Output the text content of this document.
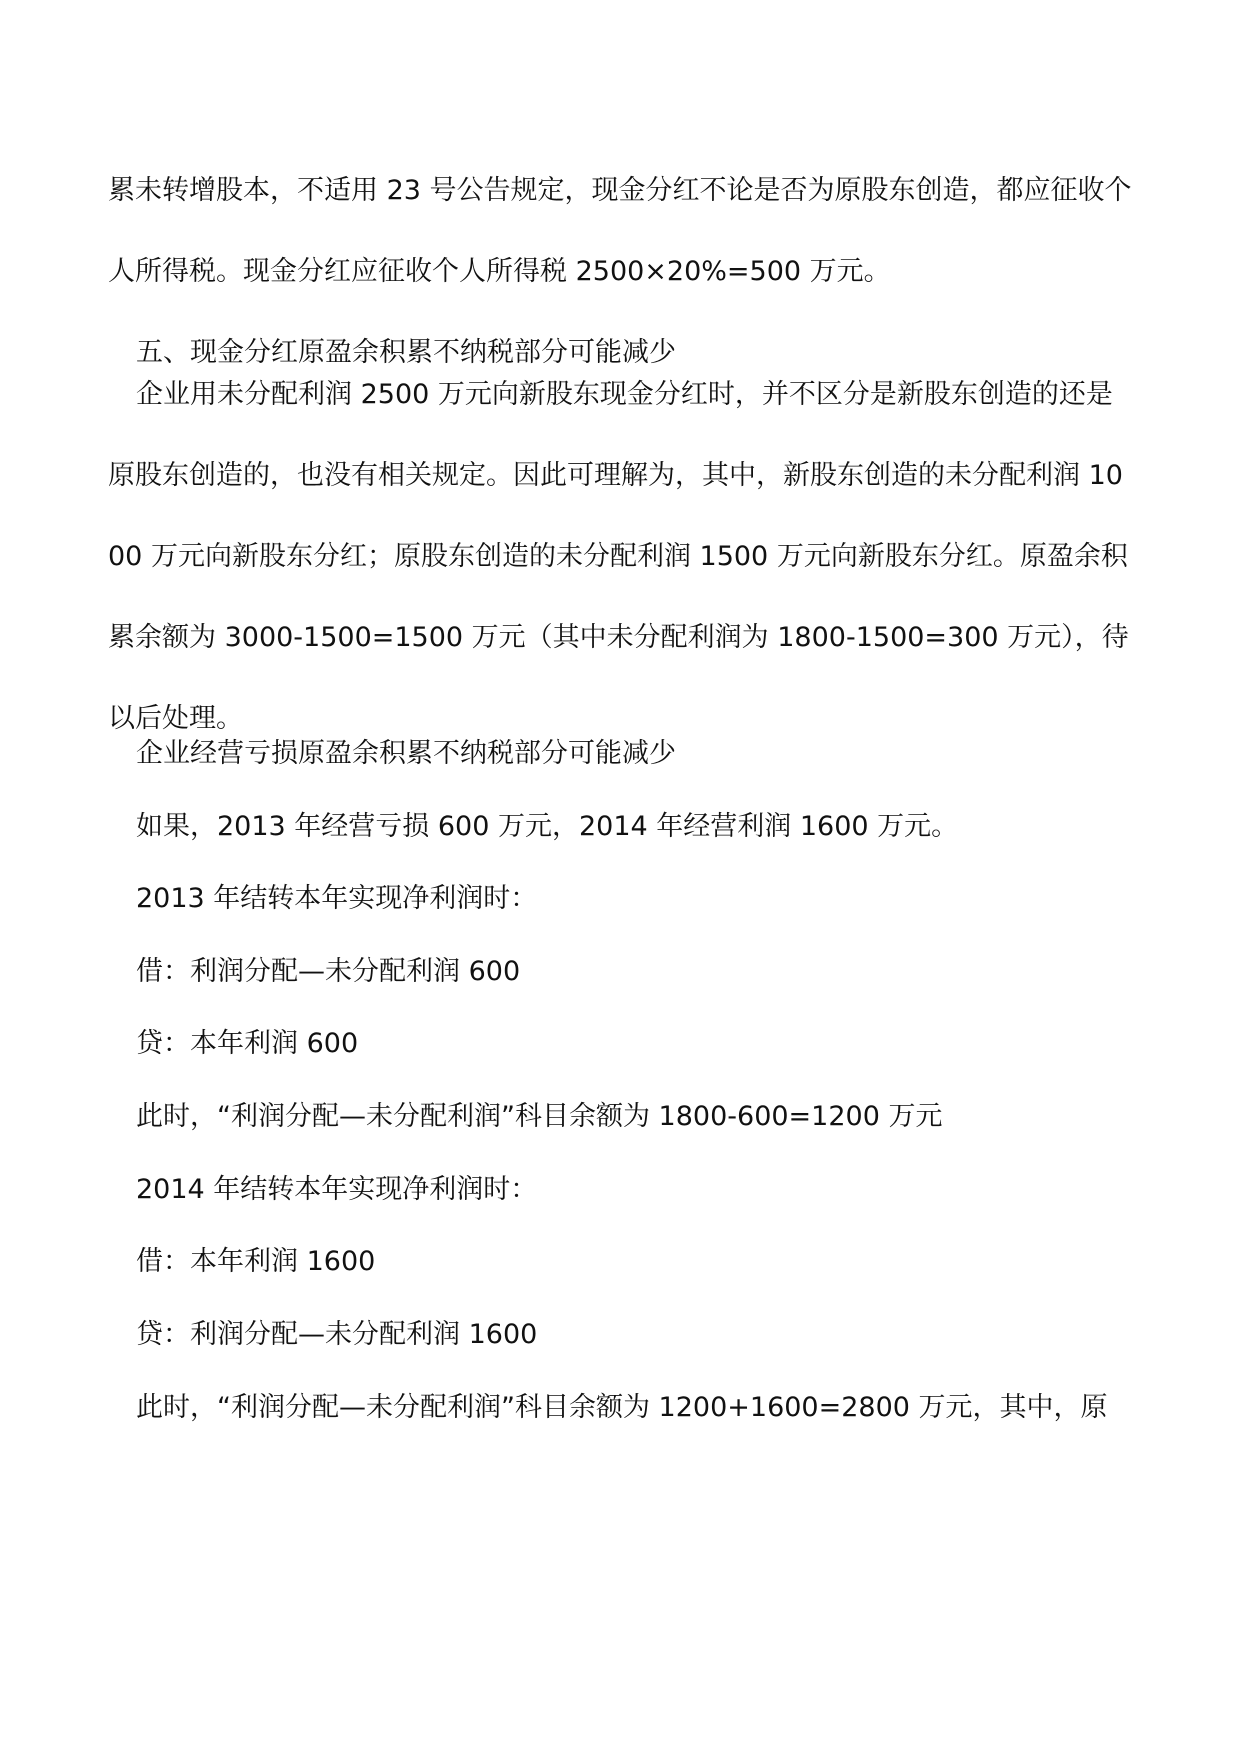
累未转增股本，不适用 23 号公告规定，现金分红不论是否为原股东创造，都应征收个人所得税。现金分红应征收个人所得税 2500×20%=500 万元。

五、现金分红原盈余积累不纳税部分可能减少

企业用未分配利润 2500 万元向新股东现金分红时，并不区分是新股东创造的还是原股东创造的，也没有相关规定。因此可理解为，其中，新股东创造的未分配利润 1000 万元向新股东分红；原股东创造的未分配利润 1500 万元向新股东分红。原盈余积累余额为 3000-1500=1500 万元（其中未分配利润为 1800-1500=300 万元），待以后处理。

企业经营亏损原盈余积累不纳税部分可能减少

如果，2013 年经营亏损 600 万元，2014 年经营利润 1600 万元。

2013 年结转本年实现净利润时：

借：利润分配—未分配利润 600

贷：本年利润 600

此时，“利润分配—未分配利润”科目余额为 1800-600=1200 万元

2014 年结转本年实现净利润时：

借：本年利润 1600

贷：利润分配—未分配利润 1600

此时，“利润分配—未分配利润”科目余额为 1200+1600=2800 万元，其中，原
